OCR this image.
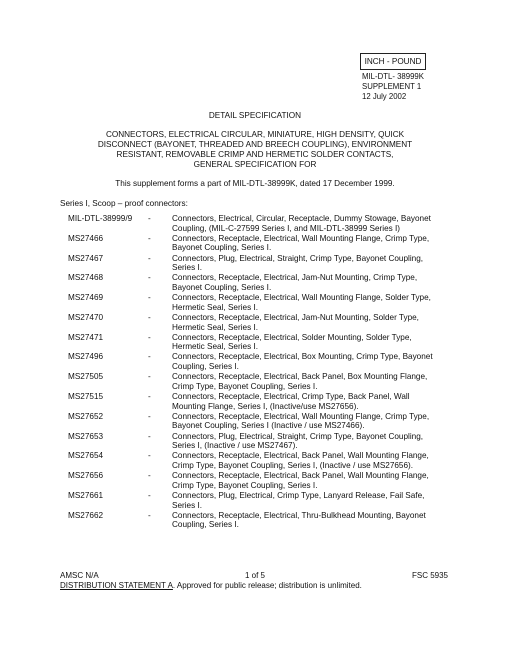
INCH - POUND
MIL-DTL- 38999K
SUPPLEMENT 1
12 July 2002
DETAIL SPECIFICATION
CONNECTORS, ELECTRICAL CIRCULAR, MINIATURE, HIGH DENSITY, QUICK
DISCONNECT (BAYONET, THREADED AND BREECH COUPLING), ENVIRONMENT
RESISTANT, REMOVABLE CRIMP AND HERMETIC SOLDER CONTACTS,
GENERAL SPECIFICATION FOR
This supplement forms a part of MIL-DTL-38999K, dated 17 December 1999.
Series I, Scoop – proof connectors:
MIL-DTL-38999/9	-	Connectors, Electrical, Circular, Receptacle, Dummy Stowage, Bayonet
Coupling, (MIL-C-27599 Series I, and MIL-DTL-38999 Series I)
MS27466	-	Connectors, Receptacle, Electrical, Wall Mounting Flange, Crimp Type,
Bayonet Coupling, Series I.
MS27467	-	Connectors, Plug, Electrical, Straight, Crimp Type, Bayonet Coupling,
Series I.
MS27468	-	Connectors, Receptacle, Electrical, Jam-Nut Mounting, Crimp Type,
Bayonet Coupling, Series I.
MS27469	-	Connectors, Receptacle, Electrical, Wall Mounting Flange, Solder Type,
Hermetic Seal, Series I.
MS27470	-	Connectors, Receptacle, Electrical, Jam-Nut Mounting, Solder Type,
Hermetic Seal, Series I.
MS27471	-	Connectors, Receptacle, Electrical, Solder Mounting, Solder Type,
Hermetic Seal, Series I.
MS27496	-	Connectors, Receptacle, Electrical, Box Mounting, Crimp Type, Bayonet
Coupling, Series I.
MS27505	-	Connectors, Receptacle, Electrical, Back Panel, Box Mounting Flange,
Crimp Type, Bayonet Coupling, Series I.
MS27515	-	Connectors, Receptacle, Electrical, Crimp Type, Back Panel, Wall
Mounting Flange, Series I, (Inactive/use MS27656).
MS27652	-	Connectors, Receptacle, Electrical, Wall Mounting Flange, Crimp Type,
Bayonet Coupling, Series I (Inactive / use MS27466).
MS27653	-	Connectors, Plug, Electrical, Straight, Crimp Type, Bayonet Coupling,
Series I, (Inactive / use MS27467).
MS27654	-	Connectors, Receptacle, Electrical, Back Panel, Wall Mounting Flange,
Crimp Type, Bayonet Coupling, Series I, (Inactive / use MS27656).
MS27656	-	Connectors, Receptacle, Electrical, Back Panel, Wall Mounting Flange,
Crimp Type, Bayonet Coupling, Series I.
MS27661	-	Connectors, Plug, Electrical, Crimp Type, Lanyard Release, Fail Safe,
Series I.
MS27662	-	Connectors, Receptacle, Electrical, Thru-Bulkhead Mounting, Bayonet
Coupling, Series I.
AMSC N/A	1 of 5	FSC 5935
DISTRIBUTION STATEMENT A. Approved for public release; distribution is unlimited.
